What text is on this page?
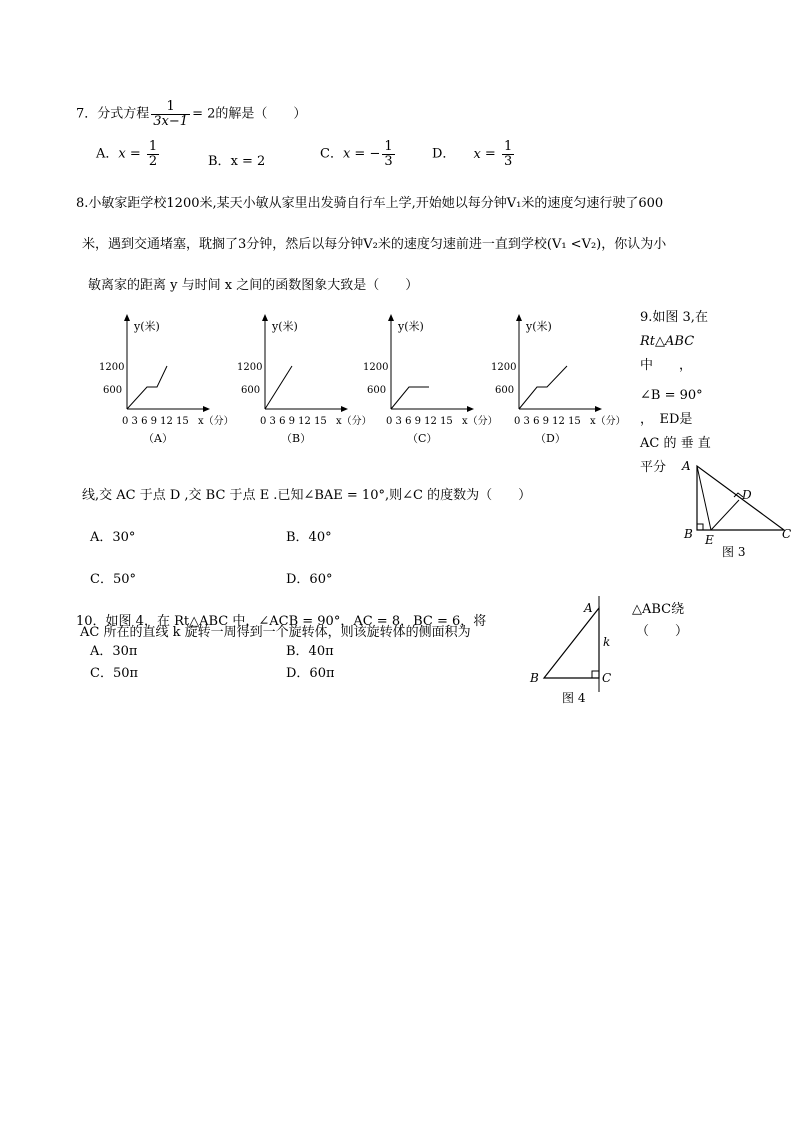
7．分式方程 $\frac{1}{3x-1} = 2$的解是（　　）
A．$x = \frac{1}{2}$	B．x = 2	C．x = − $\frac{1}{3}$	D． $x = \frac{1}{3}$
8.小敏家距学校1200米,某天小敏从家里出发骑自行车上学,开始她以每分钟V₁米的速度匀速行驶了600
米，遇到交通堵塞，耽搁了3分钟，然后以每分钟V₂米的速度匀速前进一直到学校(V₁ <V₂)，你认为小
敏离家的距离 y 与时间 x 之间的函数图象大致是（　　）
y(米)
1200
600
0 3 6 9 12 15 x（分）
（A）
y(米)
1200
600
0 3 6 9 12 15 x（分）
（B）
y(米)
1200
600
0 3 6 9 12 15 x（分）
（C）
y(米)
1200
600
0 3 6 9 12 15 x（分）
（D）
9.如图 3,在
Rt△ABC
中　　，
∠B = 90°
，　ED是
AC 的 垂 直
平分
线,交 AC 于点 D ,交 BC 于点 E .已知∠BAE = 10°,则∠C 的度数为（　　）
A．30°	B．40°
C．50°	D．60°
A
D
B E	C
图 3
10．如图 4，在 Rt△ABC 中，∠ACB = 90°，AC = 8，BC = 6，将
AC 所在的直线 k 旋转一周得到一个旋转体，则该旋转体的侧面积为
△ABC绕
（　　）
A．30π	B．40π
C．50π	D．60π
A
k
B	C
图 4
